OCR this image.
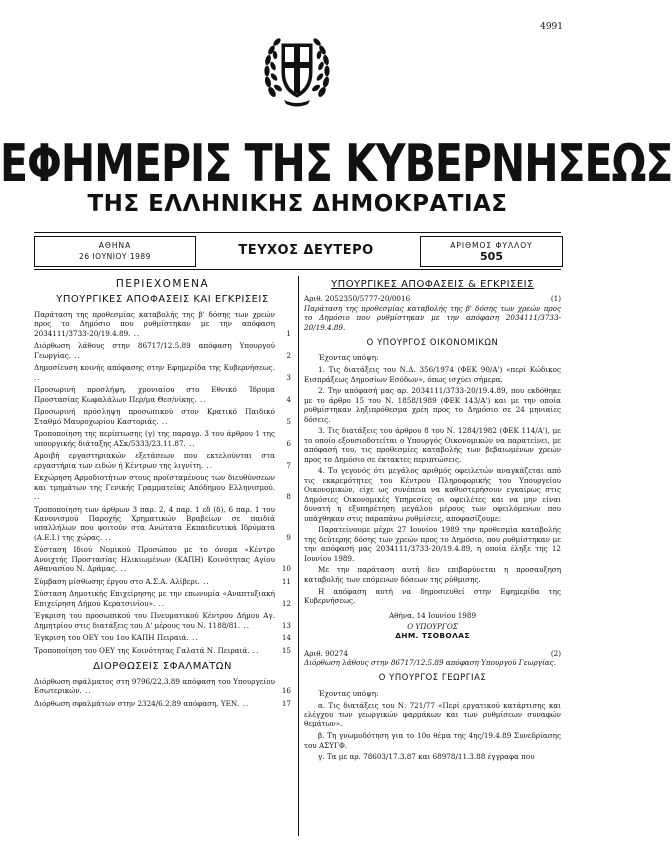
4991
ΕΦΗΜΕΡΙΣ ΤΗΣ ΚΥΒΕΡΝΗΣΕΩΣ
ΤΗΣ ΕΛΛΗΝΙΚΗΣ ΔΗΜΟΚΡΑΤΙΑΣ
ΑΘΗΝΑ
26 ΙΟΥΝΙΟΥ 1989	ΤΕΥΧΟΣ ΔΕΥΤΕΡΟ	ΑΡΙΘΜΟΣ ΦΥΛΛΟΥ
505
ΠΕΡΙΕΧΟΜΕΝΑ
ΥΠΟΥΡΓΙΚΕΣ ΑΠΟΦΑΣΕΙΣ ΚΑΙ ΕΓΚΡΙΣΕΙΣ
Παράταση της προθεσμίας καταβολής της β' δόσης των χρεών προς το Δημόσιο που ρυθμίστηκαν με την απόφαση 2034111/3733-20/19.4.89. ..	1
Διόρθωση λάθους στην 86717/12.5.89 απόφαση Υπουργού Γεωργίας. ..	2
Δημοσίευση κοινής απόφασης στην Εφημερίδα της Κυβερνήσεως. ..	3
Προσωρινή προσλήψη, χρονιαίου στο Εθνικό Ίδρυμα Προστασίας Κωφαλάλων Περ/μα Θεσ/νίκης. ..	4
Προσωρινή πρόσληψη προσωπικού στον Κρατικό Παιδικό Σταθμό Μαυροχωρίου Καστοριάς. ..	5
Τροποποίηση της περίπτωσης (γ) της παραγρ. 3 του άρθρου 1 της υπουργικής διάταξης ΑΣκ/5333/23.11.87. ..	6
Αμοιβή εργαστηριακών εξετάσεων που εκτελούνται στα εργαστήρια των ειδών ή Κέντρων της λιγνίτη. ..	7
Εκχώρηση Αρμοδιοτήτων στους προϊσταμένους των διευθύνσεων και τμημάτων της Γενικής Γραμματείας Απόδημου Ελληνισμού. ..	8
Τροποποίηση των άρθρων 3 παρ. 2, 4 παρ. 1 εδ (δ), 6 παρ. 1 του Κανονισμού Παροχής Χρηματικών Βραβείων σε παιδιά υπαλλήλων που φοιτούν στα Ανώτατα Εκπαιδευτικά Ιδρύματα (Α.Ε.Ι.) της χώρας. ..	9
Σύσταση Ιδιού Νομικού Προσώπου με το όνομα «Κέντρο Ανοιχτής Προστασίας Ηλικιωμένων (ΚΑΠΗ) Κοινότητας Αγίου Αθανασίου Ν. Δράμας. ..	10
Σύμβαση μίσθωσης έργου στο Α.Σ.Α. Αλίβερι. ..	11
Σύσταση Δημοτικής Επιχείρησης με την επωνυμία «Αναπτυξιακή Επιχείρηση Δήμου Κερατσινίου». ..	12
Έγκριση του προσωπικού του Πνευματικού Κέντρου Δήμου Αγ. Δημητρίου στις διατάξεις του Δ' μέρους του Ν. 1188/81. ..	13
Έγκριση του ΟΕΥ του 1ου ΚΑΠΗ Πειραιά. ..	14
Τροποποίηση του ΟΕΥ της Κοινότητας Γαλατά Ν. Πειραιά. ..	15
ΔΙΟΡΘΩΣΕΙΣ ΣΦΑΛΜΑΤΩΝ
Διόρθωση σφάλματος στη 9796/22.3.89 απόφαση του Υπουργείου Εσωτερικών. ..	16
Διόρθωση σφαλμάτων στην 2324/6.2.89 απόφαση, ΥΕΝ. ..	17
ΥΠΟΥΡΓΙΚΕΣ ΑΠΟΦΑΣΕΙΣ & ΕΓΚΡΙΣΕΙΣ
Αριθ. 2052350/5777-20/0016	(1)
Παράταση της προθεσμίας καταβολής της β' δόσης των χρεών προς το Δημόσιο που ρυθμίστηκαν με την απόφαση 2034111/3733-20/19.4.89.
Ο ΥΠΟΥΡΓΟΣ ΟΙΚΟΝΟΜΙΚΩΝ
Έχοντας υπόψη:
1. Τις διατάξεις του Ν.Δ. 356/1974 (ΦΕΚ 90/Α') «περί Κώδικος Εισπράξεως Δημοσίων Εσόδων», όπως ισχύει σήμερα.
2. Την απόφασή μας αρ. 2034111/3733-20/19.4.89, που εκδόθηκε με το άρθρο 15 του Ν. 1858/1989 (ΦΕΚ 143/Α') και με την οποία ρυθμίστηκαν ληξιπρόθεσμα χρέη προς το Δημόσιο σε 24 μηνιαίες δόσεις.
3. Τις διατάξεις του άρθρου 8 του Ν. 1284/1982 (ΦΕΚ 114/Α'), με το οποίο εξουσιοδοτείται ο Υπουργός Οικονομικών να παρατείνει, με απόφασή του, τις προθεσμίες καταβολής των βεβαιωμένων χρεών προς το Δημόσιο σε έκτακτες περιπτώσεις.
4. Το γεγονός ότι μεγάλος αριθμός οφειλετών αναγκάζεται από τις εκκρεμότητες του Κέντρου Πληροφορικής του Υπουργείου Οικονομικών, είχε ως συνέπεια να καθυστερήσουν εγκαίρως στις Δημόσιες Οικονομικές Υπηρεσίες οι οφειλέτες και να μην είναι δυνατή η εξυπηρέτηση μεγάλου μέρους των οφειλόμενων που υπάχθηκαν στις παραπάνω ρυθμίσεις, αποφασίζουμε:
Παρατείνουμε μέχρι 27 Ιουνίου 1989 την προθεσμία καταβολής της δεύτερης δόσης των χρεών προς το Δημόσιο, που ρυθμίστηκαν με την απόφασή μας 2034111/3733-20/19.4.89, η οποία έληξε της 12 Ιουνίου 1989.
Με την παράταση αυτή δεν επιβαρύνεται η προσαυξηση καταβολής των επόμενων δόσεων της ρύθμισης.
Η απόφαση αυτή να δημοσιευθεί στην Εφημερίδα της Κυβερνήσεως.
Αθήνα, 14 Ιουνίου 1989
Ο ΥΠΟΥΡΓΟΣ
ΔΗΜ. ΤΣΟΒΟΛΑΣ
Αριθ. 90274	(2)
Διόρθωση λάθους στην 86717/12.5.89 απόφαση Υπουργού Γεωργίας.
Ο ΥΠΟΥΡΓΟΣ ΓΕΩΡΓΙΑΣ
Έχοντας υπόψη:
α. Τις διατάξεις του Ν. 721/77 «Περί εργατικού κατάρτισης και ελέγχου των γεωργικών φαρμάκων και των ρυθμίσεων συναφών θεμάτων».
β. Τη γνωμοδότηση για το 10ο θέμα της 4ης/19.4.89 Συνεδρίασης του ΑΣΥΓΦ.
γ. Τα με αρ. 78603/17.3.87 και 68978/11.3.88 έγγραφα που
